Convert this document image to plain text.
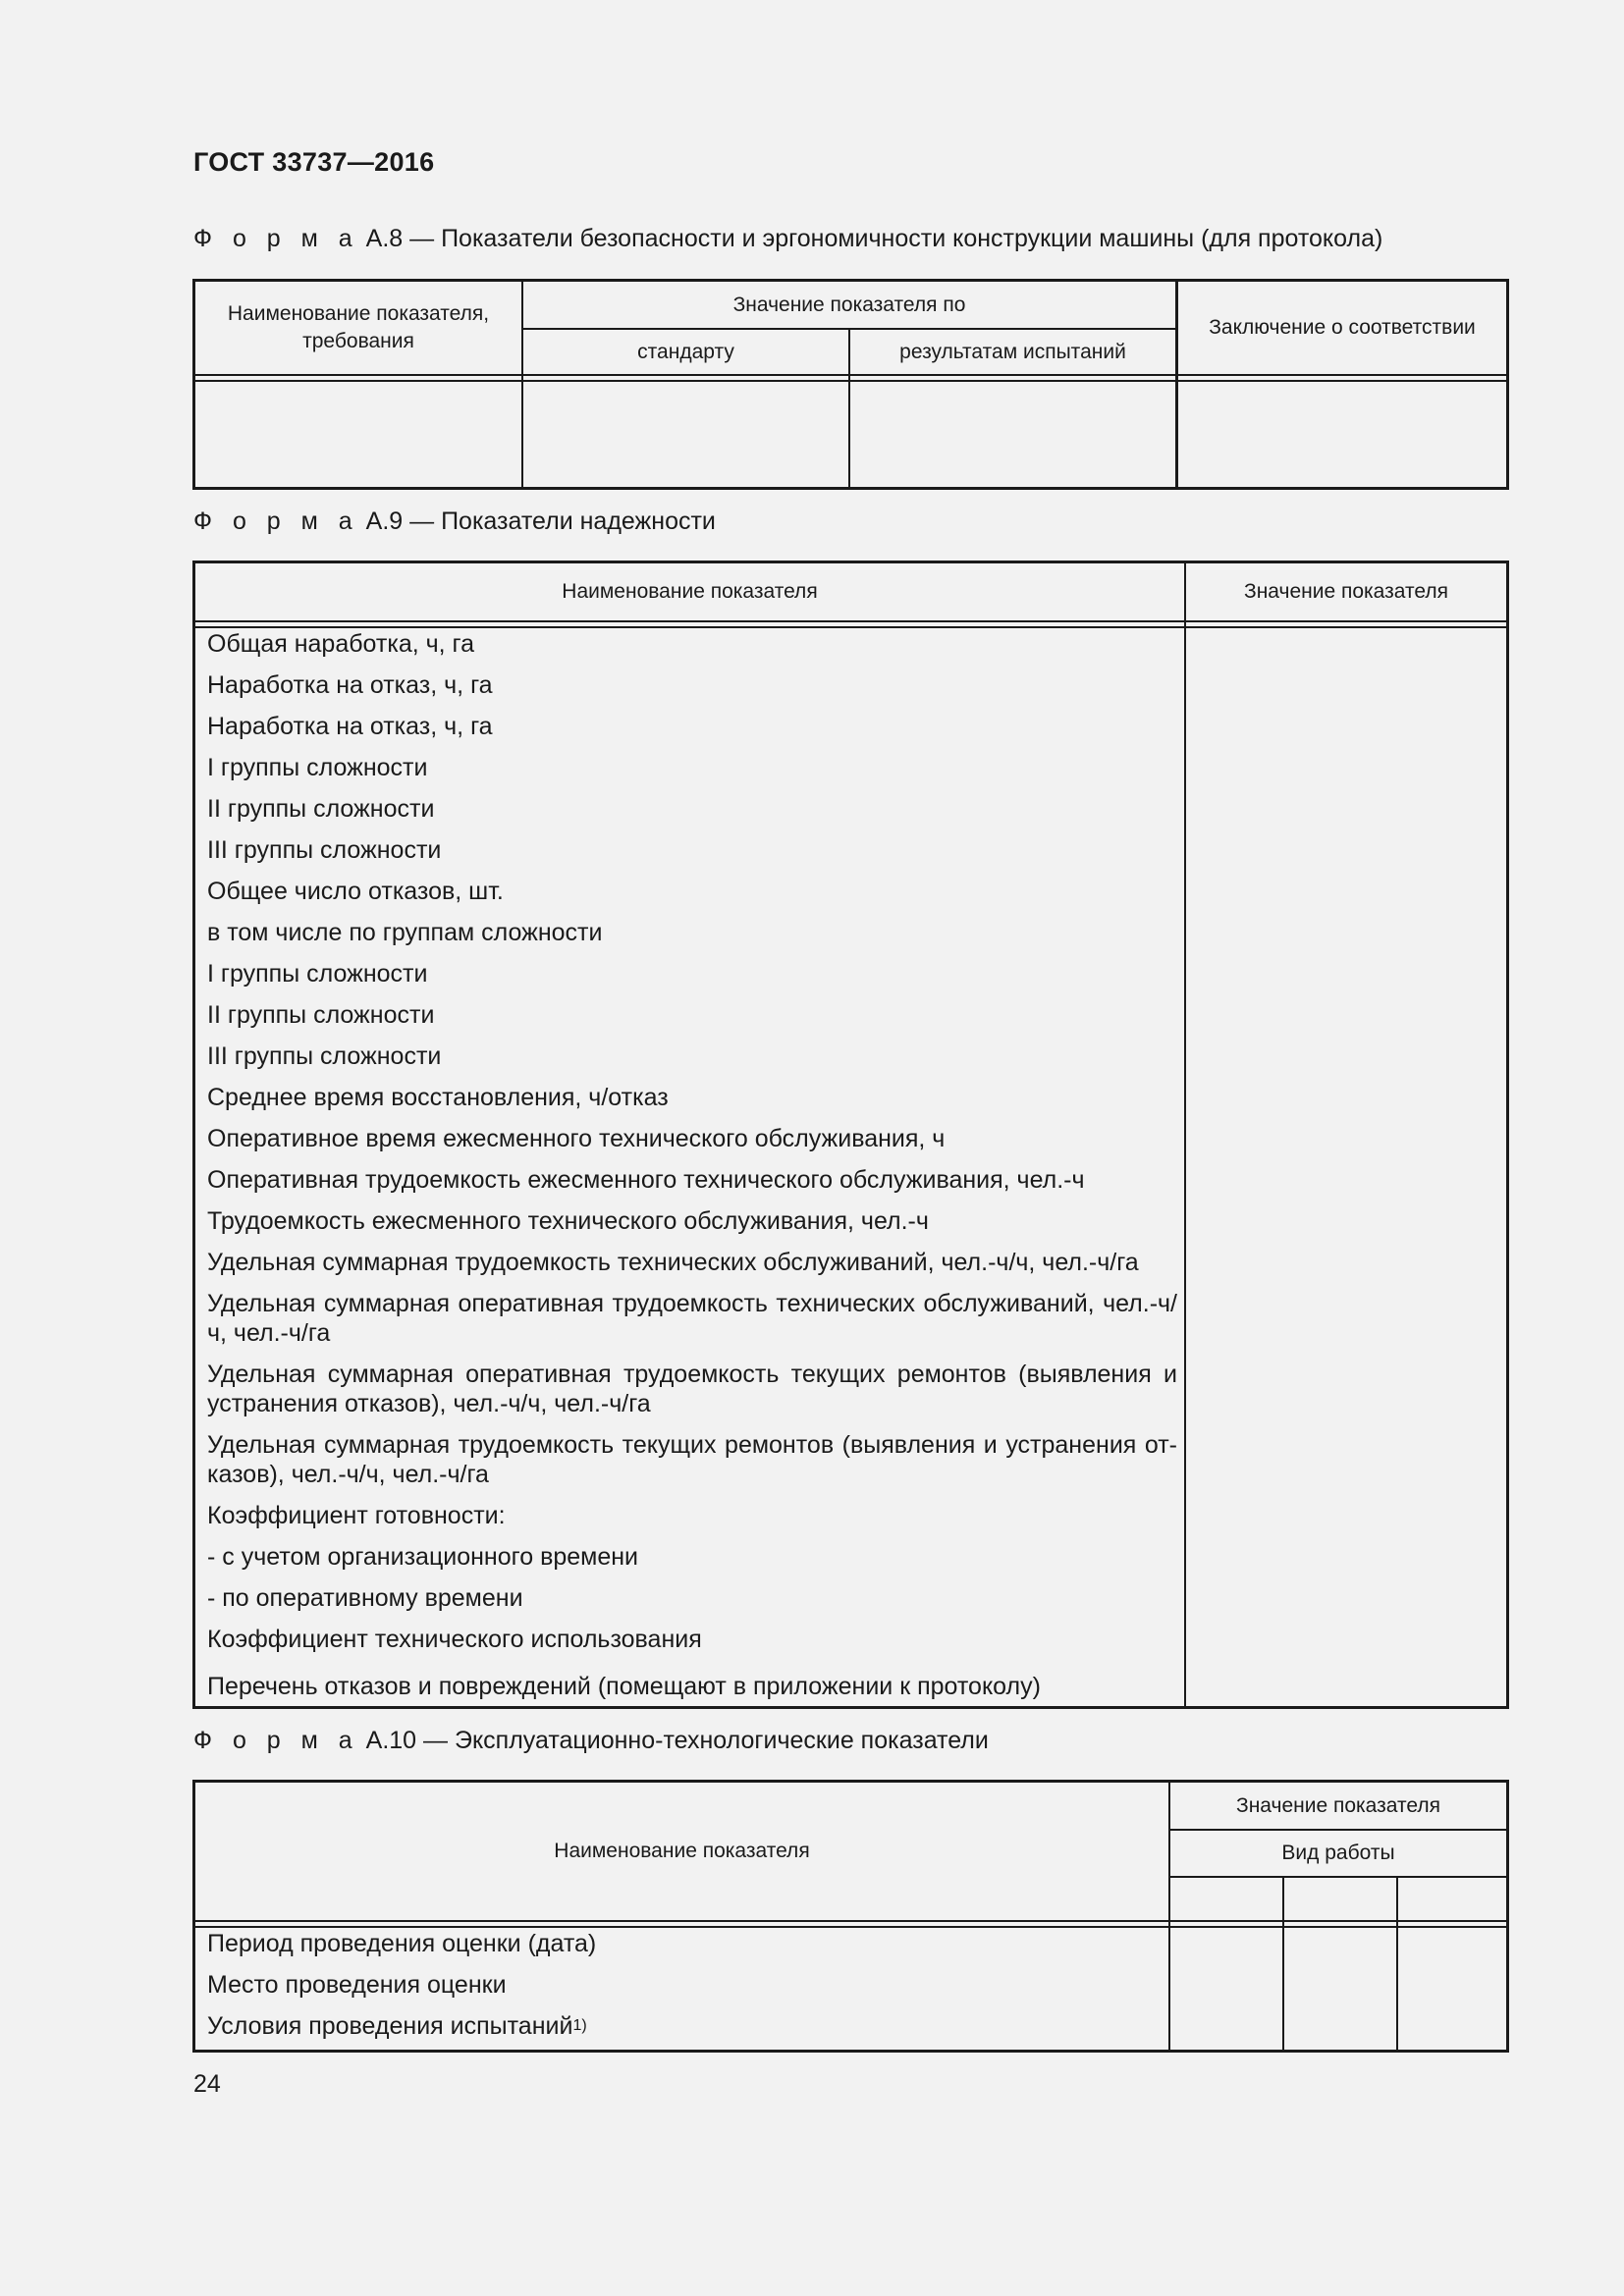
ГОСТ 33737—2016
Ф о р м а А.8 — Показатели безопасности и эргономичности конструкции машины (для протокола)
Наименование показателя, требования
Значение показателя по
стандарту	результатам испытаний
Заключение о соответствии
Ф о р м а А.9 — Показатели надежности
Наименование показателя	Значение показателя
Общая наработка, ч, га
Наработка на отказ, ч, га
Наработка на отказ, ч, га
I группы сложности
II группы сложности
III группы сложности
Общее число отказов, шт.
в том числе по группам сложности
I группы сложности
II группы сложности
III группы сложности
Среднее время восстановления, ч/отказ
Оперативное время ежесменного технического обслуживания, ч
Оперативная трудоемкость ежесменного технического обслуживания, чел.-ч
Трудоемкость ежесменного технического обслуживания, чел.-ч
Удельная суммарная трудоемкость технических обслуживаний, чел.-ч/ч, чел.-ч/га
Удельная суммарная оперативная трудоемкость технических обслуживаний, чел.-ч/ч, чел.-ч/га
Удельная суммарная оперативная трудоемкость текущих ремонтов (выявления и устранения отказов), чел.-ч/ч, чел.-ч/га
Удельная суммарная трудоемкость текущих ремонтов (выявления и устранения от-казов), чел.-ч/ч, чел.-ч/га
Коэффициент готовности:
- с учетом организационного времени
- по оперативному времени
Коэффициент технического использования
Перечень отказов и повреждений (помещают в приложении к протоколу)
Ф о р м а А.10 — Эксплуатационно-технологические показатели
Наименование показателя
Значение показателя
Вид работы
Период проведения оценки (дата)
Место проведения оценки
Условия проведения испытаний$^{1)}$
24
